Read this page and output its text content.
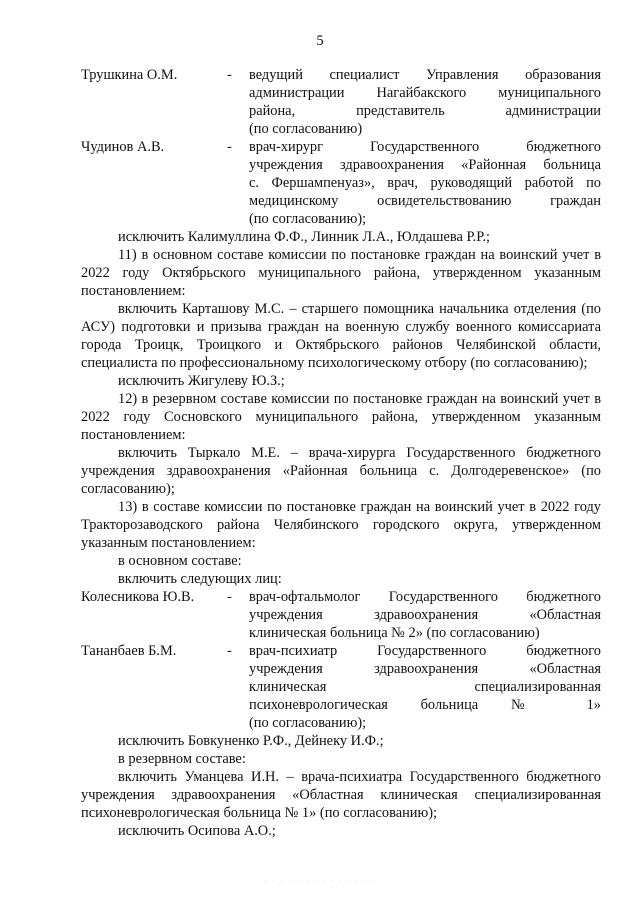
5
Трушкина О.М.	-	ведущий специалист Управления образования

администрации Нагайбакского муниципального

района, представитель администрации

(по согласованию)

Чудинов А.В.	-	врач-хирург Государственного бюджетного

учреждения здравоохранения «Районная больница

с. Фершампенуаз», врач, руководящий работой по

медицинскому освидетельствованию граждан

(по согласованию);

исключить Калимуллина Ф.Ф., Линник Л.А., Юлдашева Р.Р.;

11) в основном составе комиссии по постановке граждан на воинский учет в 2022 году Октябрьского муниципального района, утвержденном указанным постановлением:

включить Карташову М.С. – старшего помощника начальника отделения (по АСУ) подготовки и призыва граждан на военную службу военного комиссариата города Троицк, Троицкого и Октябрьского районов Челябинской области, специалиста по профессиональному психологическому отбору (по согласованию);

исключить Жигулеву Ю.З.;

12) в резервном составе комиссии по постановке граждан на воинский учет в 2022 году Сосновского муниципального района, утвержденном указанным постановлением:

включить Тыркало М.Е. – врача-хирурга Государственного бюджетного учреждения здравоохранения «Районная больница с. Долгодеревенское» (по согласованию);

13) в составе комиссии по постановке граждан на воинский учет в 2022 году Тракторозаводского района Челябинского городского округа, утвержденном указанным постановлением:

в основном составе:

включить следующих лиц:

Колесникова Ю.В.	-	врач-офтальмолог Государственного бюджетного

учреждения здравоохранения «Областная

клиническая больница № 2» (по согласованию)

Тананбаев Б.М.	-	врач-психиатр Государственного бюджетного

учреждения здравоохранения «Областная

клиническая специализированная

психоневрологическая больница № 1»

(по согласованию);

исключить Бовкуненко Р.Ф., Дейнеку И.Ф.;

в резервном составе:

включить Уманцева И.Н. – врача-психиатра Государственного бюджетного учреждения здравоохранения «Областная клиническая специализированная психоневрологическая больница № 1» (по согласованию);

исключить Осипова А.О.;

· · · · · · · · · · · · · ·
